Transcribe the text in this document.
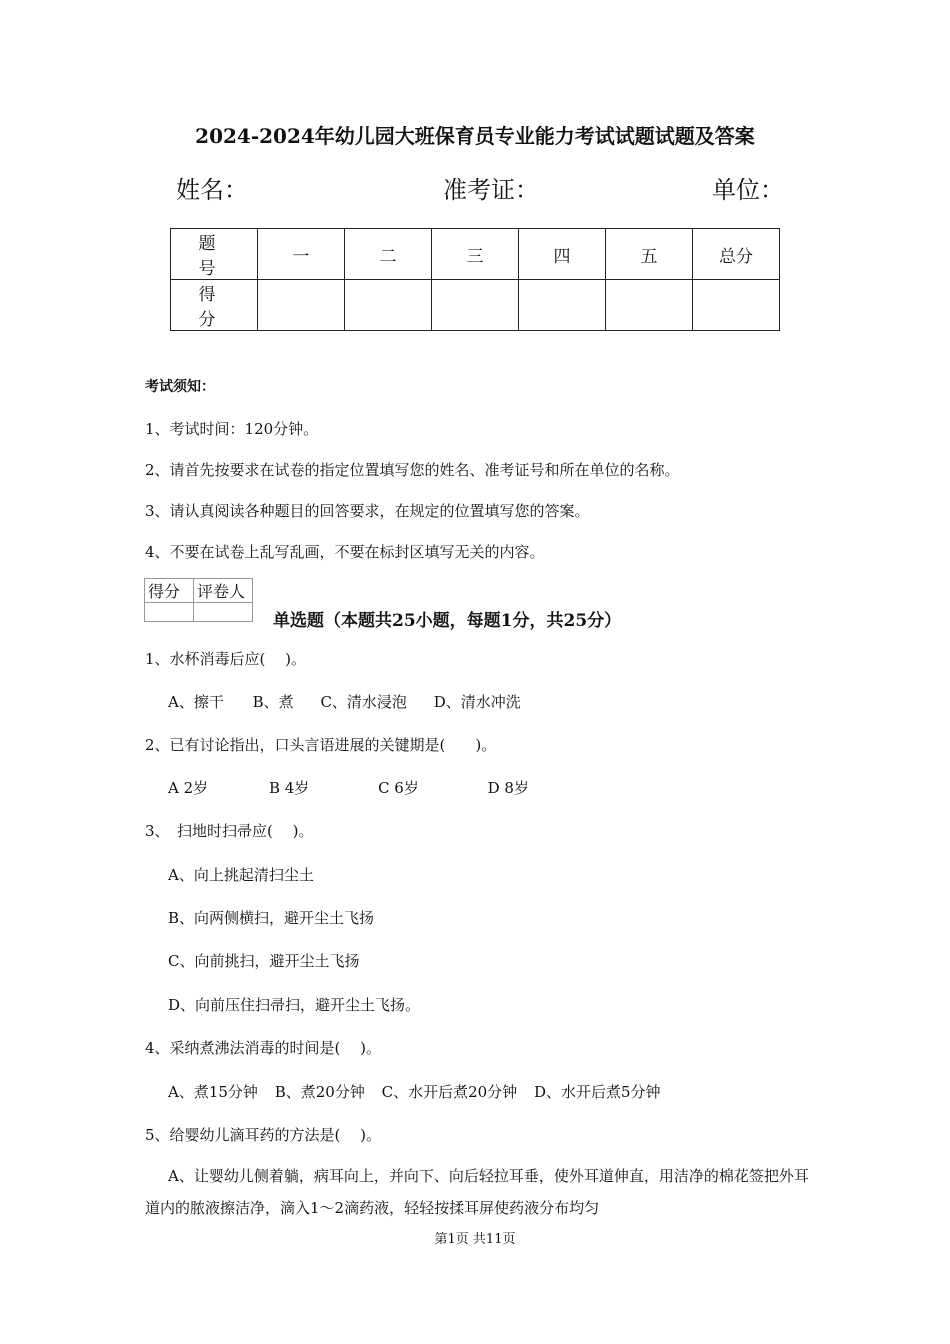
2024-2024年幼儿园大班保育员专业能力考试试题试题及答案
姓名：	准考证：	单位：
题　号	一	二	三	四	五	总分
得　分						
考试须知：
1、考试时间：120分钟。
2、请首先按要求在试卷的指定位置填写您的姓名、准考证号和所在单位的名称。
3、请认真阅读各种题目的回答要求，在规定的位置填写您的答案。
4、不要在试卷上乱写乱画，不要在标封区填写无关的内容。
得分	评卷人

单选题（本题共25小题，每题1分，共25分）
1、水杯消毒后应(　 )。
A、擦干 B、煮 C、清水浸泡 D、清水冲洗
2、已有讨论指出，口头言语进展的关键期是(　　)。
A 2岁	B 4岁	C 6岁	D 8岁
3、　扫地时扫帚应(　 )。
A、向上挑起清扫尘土
B、向两侧横扫，避开尘土飞扬
C、向前挑扫，避开尘土飞扬
D、向前压住扫帚扫，避开尘土飞扬。
4、采纳煮沸法消毒的时间是(　 )。
A、煮15分钟 B、煮20分钟 C、水开后煮20分钟 D、水开后煮5分钟
5、给婴幼儿滴耳药的方法是(　 )。
A、让婴幼儿侧着躺，病耳向上，并向下、向后轻拉耳垂，使外耳道伸直，用洁净的棉花签把外耳道内的脓液擦洁净，滴入1～2滴药液，轻轻按揉耳屏使药液分布均匀
第1页 共11页
